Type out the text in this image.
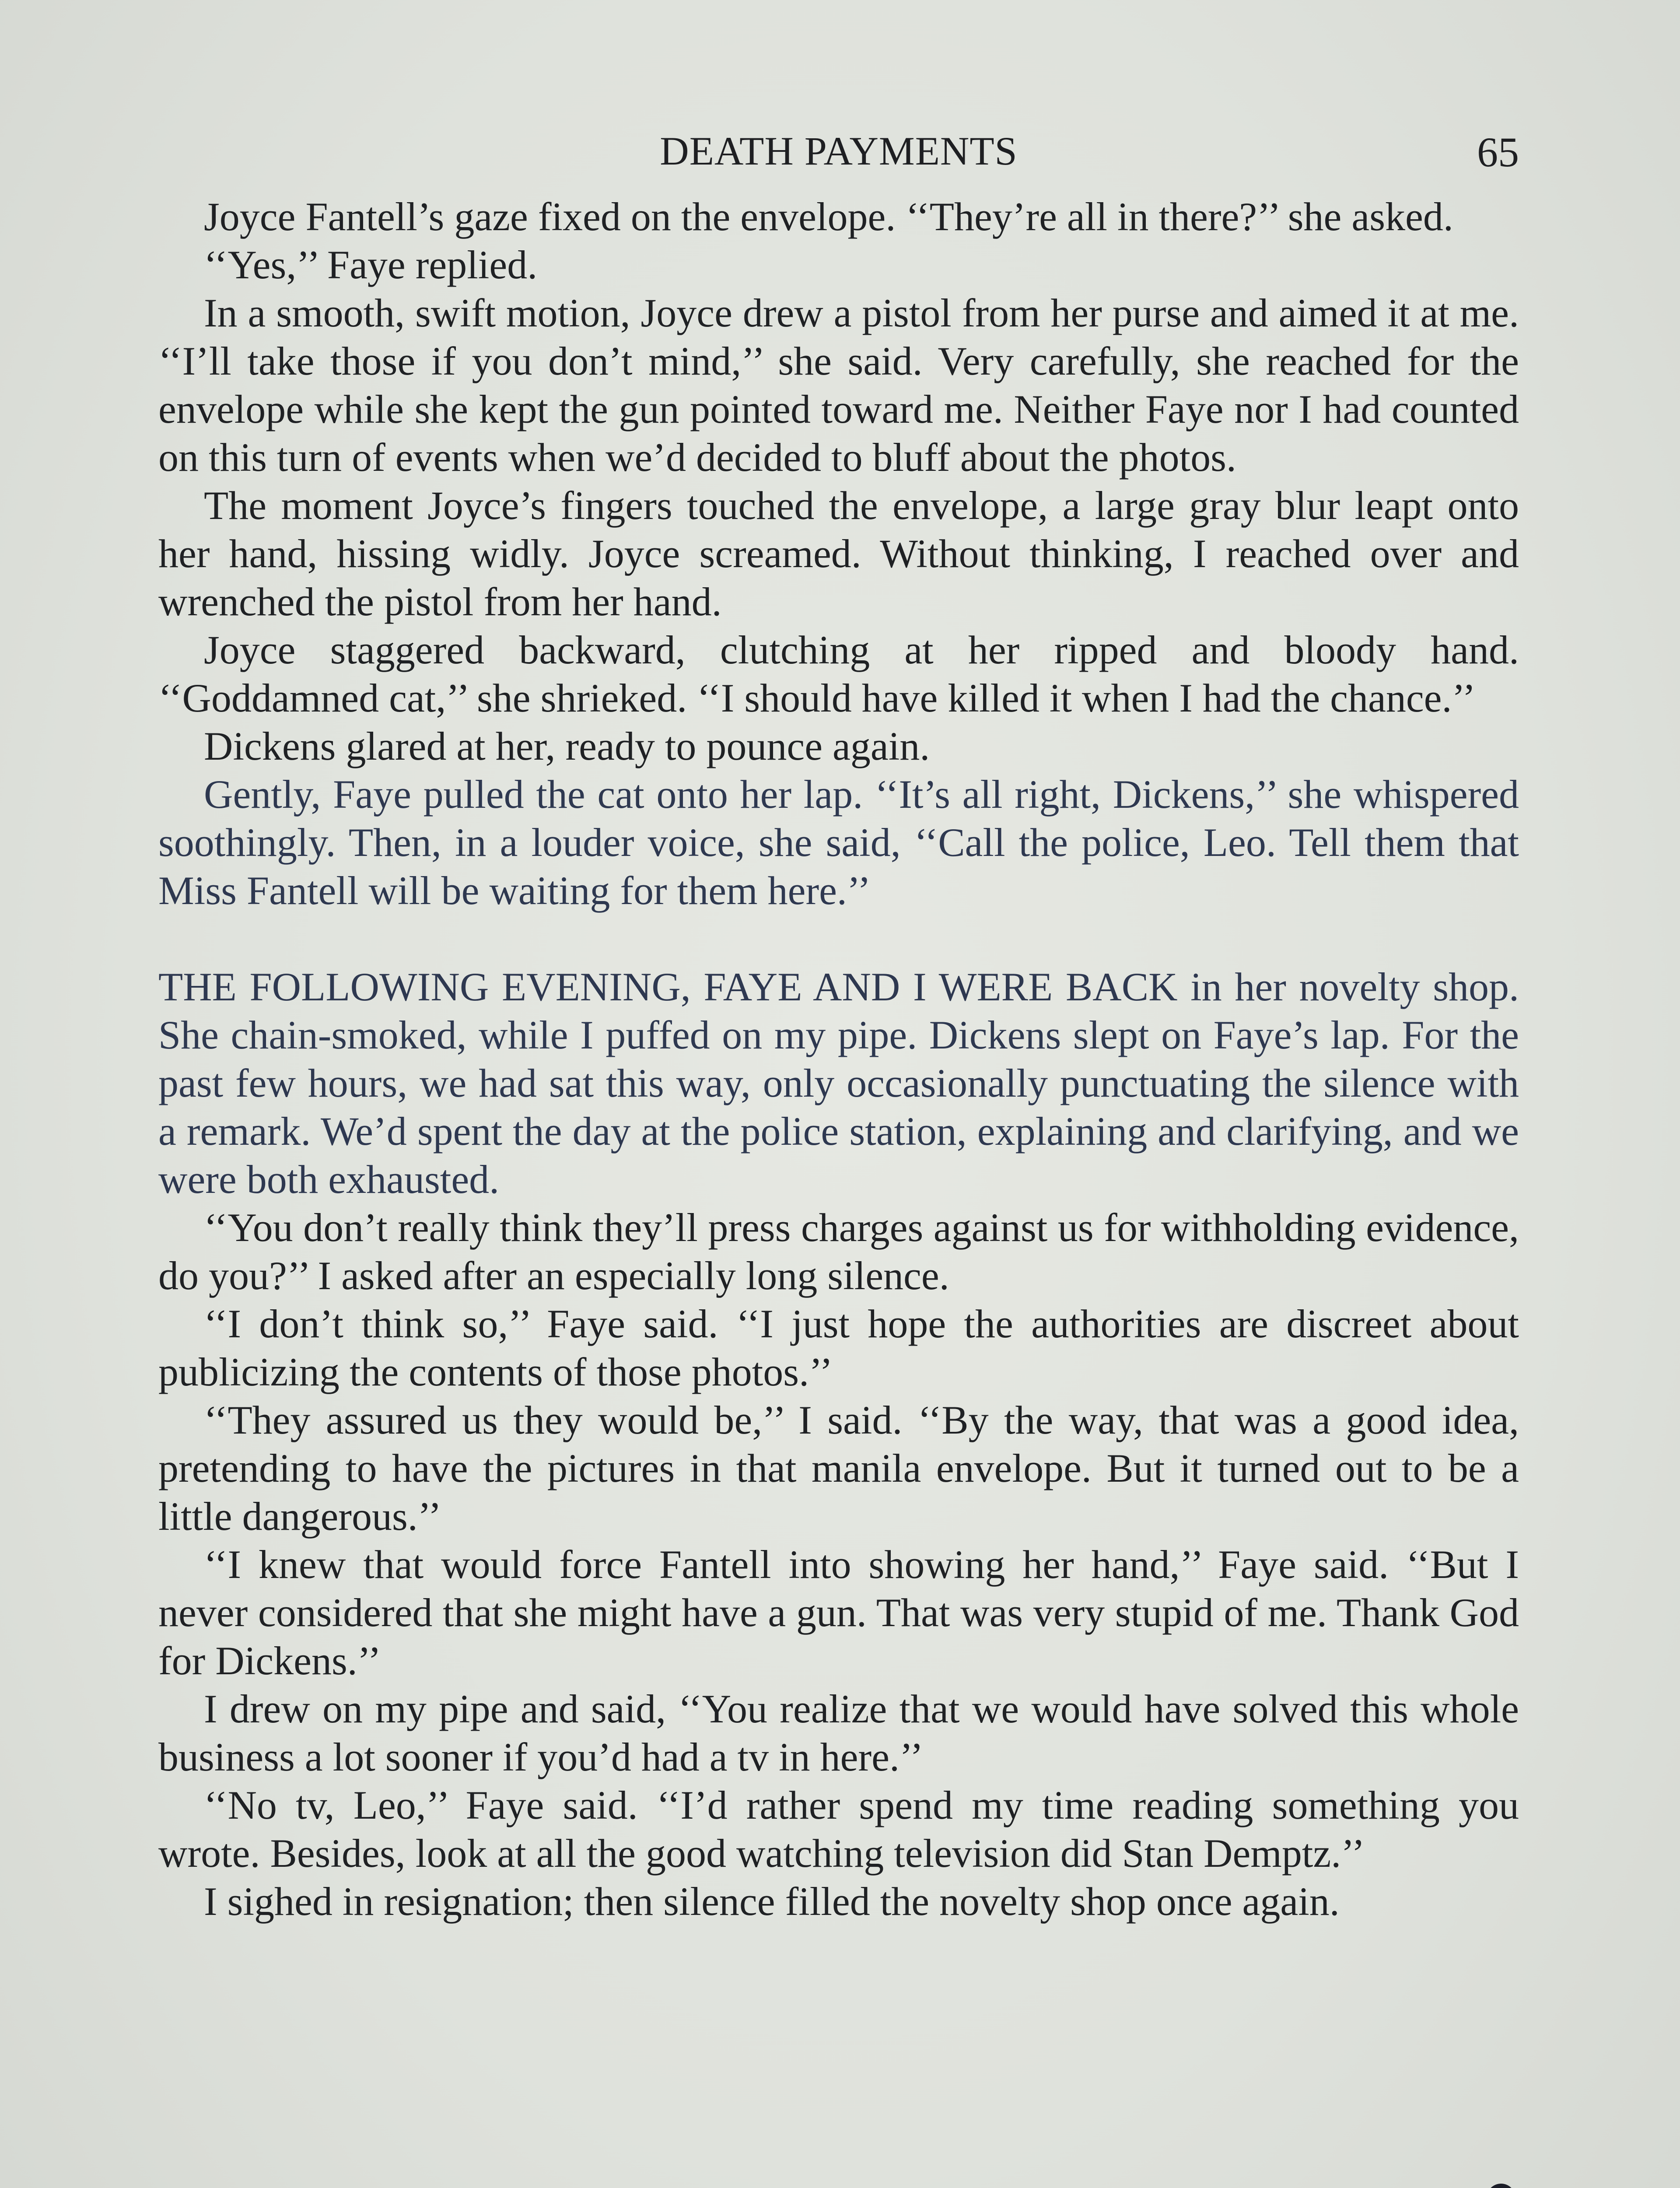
DEATH PAYMENTS	65

Joyce Fantell’s gaze fixed on the envelope. ‘‘They’re all in there?’’ she asked.

‘‘Yes,’’ Faye replied.

In a smooth, swift motion, Joyce drew a pistol from her purse and aimed it at me. ‘‘I’ll take those if you don’t mind,’’ she said. Very carefully, she reached for the envelope while she kept the gun pointed toward me. Neither Faye nor I had counted on this turn of events when we’d decided to bluff about the photos.

The moment Joyce’s fingers touched the envelope, a large gray blur leapt onto her hand, hissing widly. Joyce screamed. Without thinking, I reached over and wrenched the pistol from her hand.

Joyce staggered backward, clutching at her ripped and bloody hand. ‘‘Goddamned cat,’’ she shrieked. ‘‘I should have killed it when I had the chance.’’

Dickens glared at her, ready to pounce again.

Gently, Faye pulled the cat onto her lap. ‘‘It’s all right, Dickens,’’ she whispered soothingly. Then, in a louder voice, she said, ‘‘Call the police, Leo. Tell them that Miss Fantell will be waiting for them here.’’

THE FOLLOWING EVENING, FAYE AND I WERE BACK in her novelty shop. She chain-smoked, while I puffed on my pipe. Dickens slept on Faye’s lap. For the past few hours, we had sat this way, only occasionally punctuating the silence with a remark. We’d spent the day at the police station, explaining and clarifying, and we were both exhausted.

‘‘You don’t really think they’ll press charges against us for withholding evidence, do you?’’ I asked after an especially long silence.

‘‘I don’t think so,’’ Faye said. ‘‘I just hope the authorities are discreet about publicizing the contents of those photos.’’

‘‘They assured us they would be,’’ I said. ‘‘By the way, that was a good idea, pretending to have the pictures in that manila envelope. But it turned out to be a little dangerous.’’

‘‘I knew that would force Fantell into showing her hand,’’ Faye said. ‘‘But I never considered that she might have a gun. That was very stupid of me. Thank God for Dickens.’’

I drew on my pipe and said, ‘‘You realize that we would have solved this whole business a lot sooner if you’d had a tv in here.’’

‘‘No tv, Leo,’’ Faye said. ‘‘I’d rather spend my time reading something you wrote. Besides, look at all the good watching television did Stan Demptz.’’

I sighed in resignation; then silence filled the novelty shop once again.
